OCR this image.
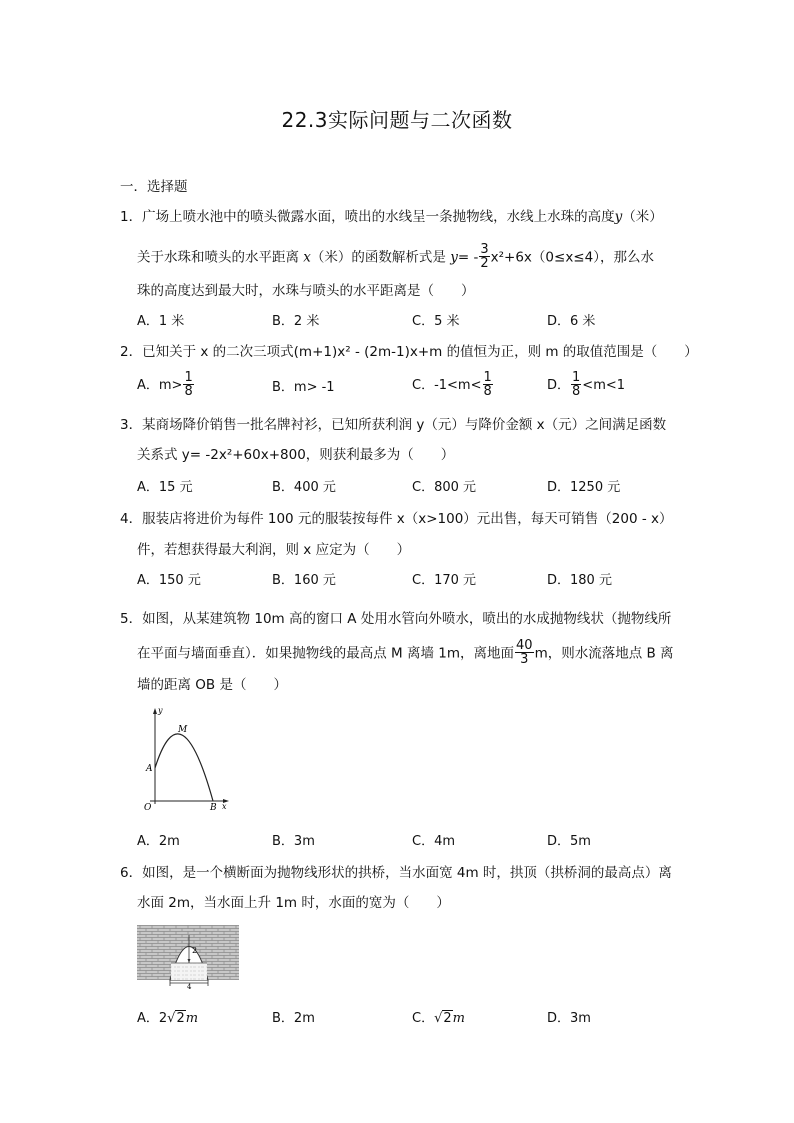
22.3实际问题与二次函数
一．选择题
1．广场上喷水池中的喷头微露水面，喷出的水线呈一条抛物线，水线上水珠的高度y（米）
关于水珠和喷头的水平距离 x（米）的函数解析式是 $y= - \frac{3}{2} x^2+6x(0\le x\le 4)$，那么水
珠的高度达到最大时，水珠与喷头的水平距离是（　　）
A．1 米	B．2 米	C．5 米	D．6 米
2．已知关于 x 的二次三项式(m+1)x² - (2m-1)x+m 的值恒为正，则 m 的取值范围是（　　）
A．$m> \frac{1}{8}$	B．m> -1	C．$-1<m< \frac{1}{8}$	D． $\frac{1}{8} <m<1$
3．某商场降价销售一批名牌衬衫，已知所获利润 y（元）与降价金额 x（元）之间满足函数
关系式 y= -2x²+60x+800，则获利最多为（　　）
A．15 元	B．400 元	C．800 元	D．1250 元
4．服装店将进价为每件 100 元的服装按每件 x（x>100）元出售，每天可销售（200 - x）
件，若想获得最大利润，则 x 应定为（　　）
A．150 元	B．160 元	C．170 元	D．180 元
5．如图，从某建筑物 10m 高的窗口 A 处用水管向外喷水，喷出的水成抛物线状（抛物线所
在平面与墙面垂直）．如果抛物线的最高点 M 离墙 1m，离地面 $\frac{40}{3}$ m，则水流落地点 B 离
墙的距离 OB 是（　　）
y
M
A
O	B x
A．2m	B．3m	C．4m	D．5m
6．如图，是一个横断面为抛物线形状的拱桥，当水面宽 4m 时，拱顶（拱桥洞的最高点）离
水面 2m，当水面上升 1m 时，水面的宽为（　　）
2
4
A．2√2m	B．2m	C．√2m	D．3m
